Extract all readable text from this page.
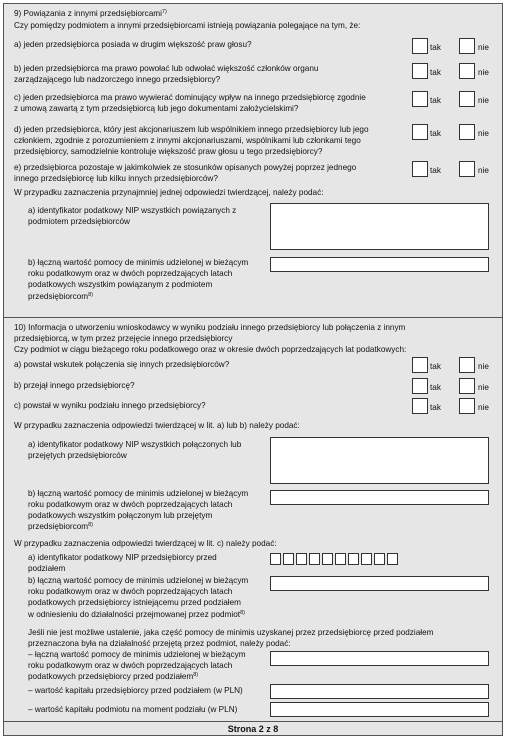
9) Powiązania z innymi przedsiębiorcami$^{7)}$
Czy pomiędzy podmiotem a innymi przedsiębiorcami istnieją powiązania polegające na tym, że:
a) jeden przedsiębiorca posiada w drugim większość praw głosu?	tak	nie
b) jeden przedsiębiorca ma prawo powołać lub odwołać większość członków organu
zarządzającego lub nadzorczego innego przedsiębiorcy?
tak	nie
c) jeden przedsiębiorca ma prawo wywierać dominujący wpływ na innego przedsiębiorcę zgodnie
z umową zawartą z tym przedsiębiorcą lub jego dokumentami założycielskimi?
tak	nie
d) jeden przedsiębiorca, który jest akcjonariuszem lub wspólnikiem innego przedsiębiorcy lub jego
członkiem, zgodnie z porozumieniem z innymi akcjonariuszami, wspólnikami lub członkami tego
przedsiębiorcy, samodzielnie kontroluje większość praw głosu u tego przedsiębiorcy?
tak	nie
e) przedsiębiorca pozostaje w jakimkolwiek ze stosunków opisanych powyżej poprzez jednego
innego przedsiębiorcę lub kilku innych przedsiębiorców?
tak	nie
W przypadku zaznaczenia przynajmniej jednej odpowiedzi twierdzącej, należy podać:
a) identyfikator podatkowy NIP wszystkich powiązanych z
podmiotem przedsiębiorców
b) łączną wartość pomocy de minimis udzielonej w bieżącym
roku podatkowym oraz w dwóch poprzedzających latach
podatkowych wszystkim powiązanym z podmiotem
przedsiębiorcom$^{8)}$
10) Informacja o utworzeniu wnioskodawcy w wyniku podziału innego przedsiębiorcy lub połączenia z innym
przedsiębiorcą, w tym przez przejęcie innego przedsiębiorcy
Czy podmiot w ciągu bieżącego roku podatkowego oraz w okresie dwóch poprzedzających lat podatkowych:
a) powstał wskutek połączenia się innych przedsiębiorców?	tak	nie
b) przejął innego przedsiębiorcę?	tak	nie
c) powstał w wyniku podziału innego przedsiębiorcy?	tak	nie
W przypadku zaznaczenia odpowiedzi twierdzącej w lit. a) lub b) należy podać:
a) identyfikator podatkowy NIP wszystkich połączonych lub
przejętych przedsiębiorców
b) łączną wartość pomocy de minimis udzielonej w bieżącym
roku podatkowym oraz w dwóch poprzedzających latach
podatkowych wszystkim połączonym lub przejętym
przedsiębiorcom$^{8)}$
W przypadku zaznaczenia odpowiedzi twierdzącej w lit. c) należy podać:
a) identyfikator podatkowy NIP przedsiębiorcy przed
podziałem
b) łączną wartość pomocy de minimis udzielonej w bieżącym
roku podatkowym oraz w dwóch poprzedzających latach
podatkowych przedsiębiorcy istniejącemu przed podziałem
w odniesieniu do działalności przejmowanej przez podmiot$^{8)}$
Jeśli nie jest możliwe ustalenie, jaka część pomocy de minimis uzyskanej przez przedsiębiorcę przed podziałem
przeznaczona była na działalność przejętą przez podmiot, należy podać:
– łączną wartość pomocy de minimis udzielonej w bieżącym
roku podatkowym oraz w dwóch poprzedzających latach
podatkowych przedsiębiorcy przed podziałem$^{8)}$
– wartość kapitału przedsiębiorcy przed podziałem (w PLN)
– wartość kapitału podmiotu na moment podziału (w PLN)
Strona 2 z 8
